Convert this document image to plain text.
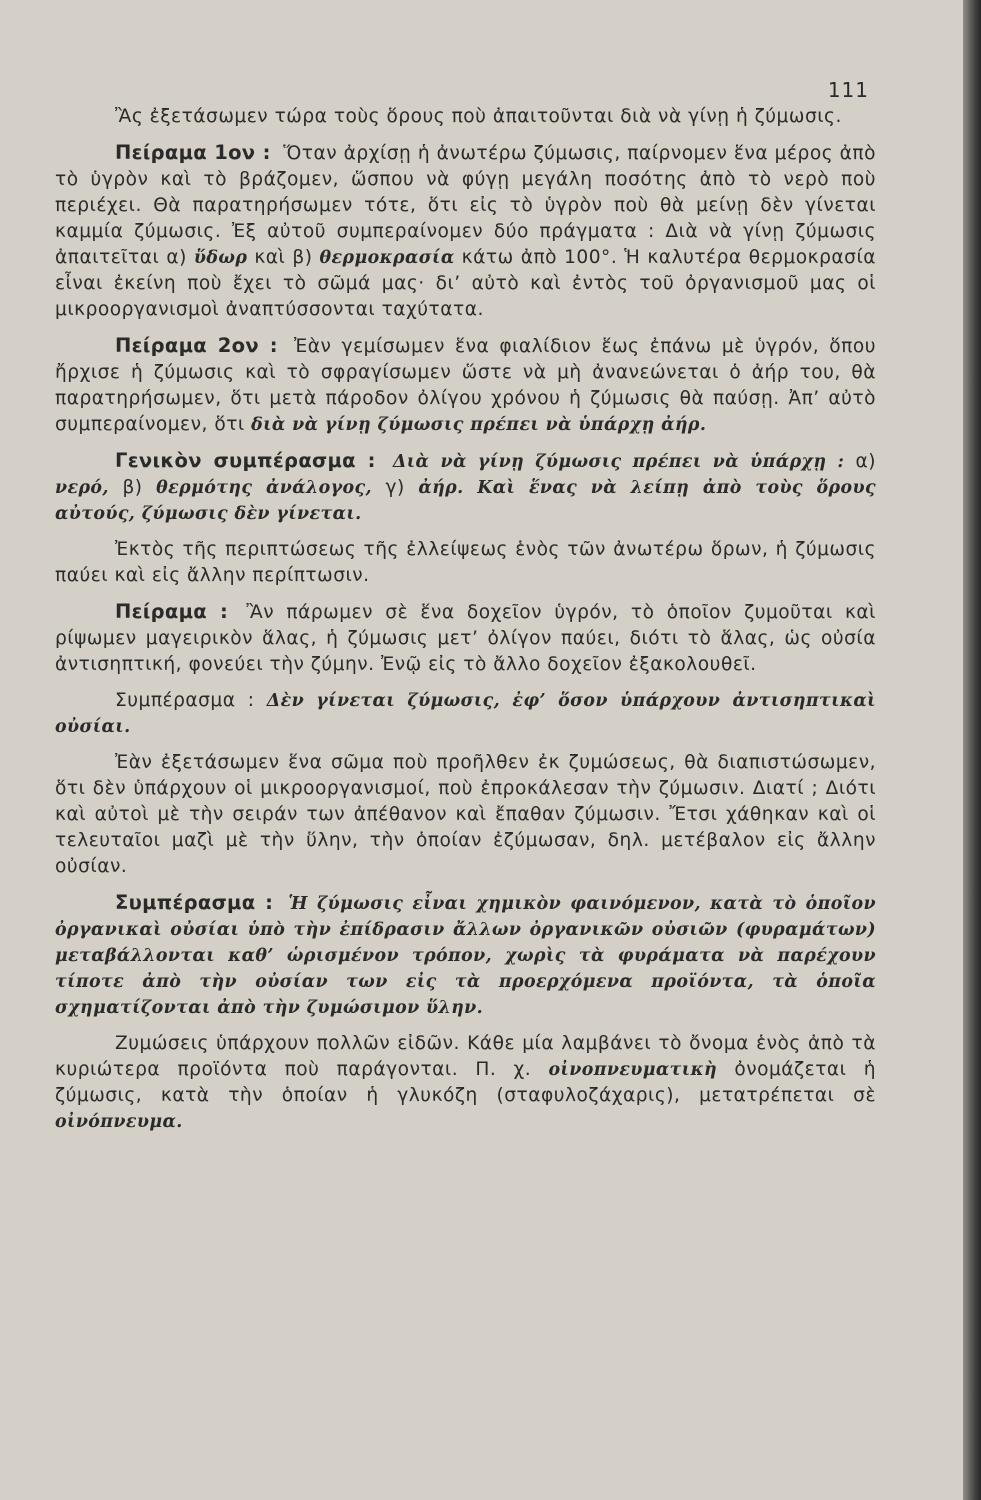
111

Ἂς ἐξετάσωμεν τώρα τοὺς ὅρους ποὺ ἀπαιτοῦνται διὰ νὰ γίνῃ ἡ ζύμωσις.

Πείραμα 1ον : Ὅταν ἀρχίσῃ ἡ ἀνωτέρω ζύμωσις, παίρνομεν ἕνα μέρος ἀπὸ τὸ ὑγρὸν καὶ τὸ βράζομεν, ὥσπου νὰ φύγῃ μεγάλη ποσότης ἀπὸ τὸ νερὸ ποὺ περιέχει. Θὰ παρατηρήσωμεν τότε, ὅτι εἰς τὸ ὑγρὸν ποὺ θὰ μείνῃ δὲν γίνεται καμμία ζύμωσις. Ἐξ αὐτοῦ συμπεραίνομεν δύο πράγματα : Διὰ νὰ γίνῃ ζύμωσις ἀπαιτεῖται α) ὕδωρ καὶ β) θερμοκρασία κάτω ἀπὸ 100°. Ἡ καλυτέρα θερμοκρασία εἶναι ἐκείνη ποὺ ἔχει τὸ σῶμά μας· δι’ αὐτὸ καὶ ἐντὸς τοῦ ὀργανισμοῦ μας οἱ μικροοργανισμοὶ ἀναπτύσσονται ταχύτατα.

Πείραμα 2ον : Ἐὰν γεμίσωμεν ἕνα φιαλίδιον ἕως ἐπάνω μὲ ὑγρόν, ὅπου ἤρχισε ἡ ζύμωσις καὶ τὸ σφραγίσωμεν ὥστε νὰ μὴ ἀνανεώνεται ὁ ἀήρ του, θὰ παρατηρήσωμεν, ὅτι μετὰ πάροδον ὀλίγου χρόνου ἡ ζύμωσις θὰ παύσῃ. Ἀπ’ αὐτὸ συμπεραίνομεν, ὅτι διὰ νὰ γίνῃ ζύμωσις πρέπει νὰ ὑπάρχῃ ἀήρ.

Γενικὸν συμπέρασμα : Διὰ νὰ γίνῃ ζύμωσις πρέπει νὰ ὑπάρχῃ : α) νερό, β) θερμότης ἀνάλογος, γ) ἀήρ. Καὶ ἕνας νὰ λείπῃ ἀπὸ τοὺς ὅρους αὐτούς, ζύμωσις δὲν γίνεται.

Ἐκτὸς τῆς περιπτώσεως τῆς ἐλλείψεως ἑνὸς τῶν ἀνωτέρω ὅρων, ἡ ζύμωσις παύει καὶ εἰς ἄλλην περίπτωσιν.

Πείραμα : Ἂν πάρωμεν σὲ ἕνα δοχεῖον ὑγρόν, τὸ ὁποῖον ζυμοῦται καὶ ρίψωμεν μαγειρικὸν ἅλας, ἡ ζύμωσις μετ’ ὀλίγον παύει, διότι τὸ ἅλας, ὡς οὐσία ἀντισηπτική, φονεύει τὴν ζύμην. Ἐνῷ εἰς τὸ ἄλλο δοχεῖον ἐξακολουθεῖ.

Συμπέρασμα : Δὲν γίνεται ζύμωσις, ἐφ’ ὅσον ὑπάρχουν ἀντισηπτικαὶ οὐσίαι.

Ἐὰν ἐξετάσωμεν ἕνα σῶμα ποὺ προῆλθεν ἐκ ζυμώσεως, θὰ διαπιστώσωμεν, ὅτι δὲν ὑπάρχουν οἱ μικροοργανισμοί, ποὺ ἐπροκάλεσαν τὴν ζύμωσιν. Διατί ; Διότι καὶ αὐτοὶ μὲ τὴν σειράν των ἀπέθανον καὶ ἔπαθαν ζύμωσιν. Ἔτσι χάθηκαν καὶ οἱ τελευταῖοι μαζὶ μὲ τὴν ὕλην, τὴν ὁποίαν ἐζύμωσαν, δηλ. μετέβαλον εἰς ἄλλην οὐσίαν.

Συμπέρασμα : Ἡ ζύμωσις εἶναι χημικὸν φαινόμενον, κατὰ τὸ ὁποῖον ὀργανικαὶ οὐσίαι ὑπὸ τὴν ἐπίδρασιν ἄλλων ὀργανικῶν οὐσιῶν (φυραμάτων) μεταβάλλονται καθ’ ὡρισμένον τρόπον, χωρὶς τὰ φυράματα νὰ παρέχουν τίποτε ἀπὸ τὴν οὐσίαν των εἰς τὰ προερχόμενα προϊόντα, τὰ ὁποῖα σχηματίζονται ἀπὸ τὴν ζυμώσιμον ὕλην.

Ζυμώσεις ὑπάρχουν πολλῶν εἰδῶν. Κάθε μία λαμβάνει τὸ ὄνομα ἑνὸς ἀπὸ τὰ κυριώτερα προϊόντα ποὺ παράγονται. Π. χ. οἰνοπνευματικὴ ὀνομάζεται ἡ ζύμωσις, κατὰ τὴν ὁποίαν ἡ γλυκόζη (σταφυλοζάχαρις), μετατρέπεται σὲ οἰνόπνευμα.
